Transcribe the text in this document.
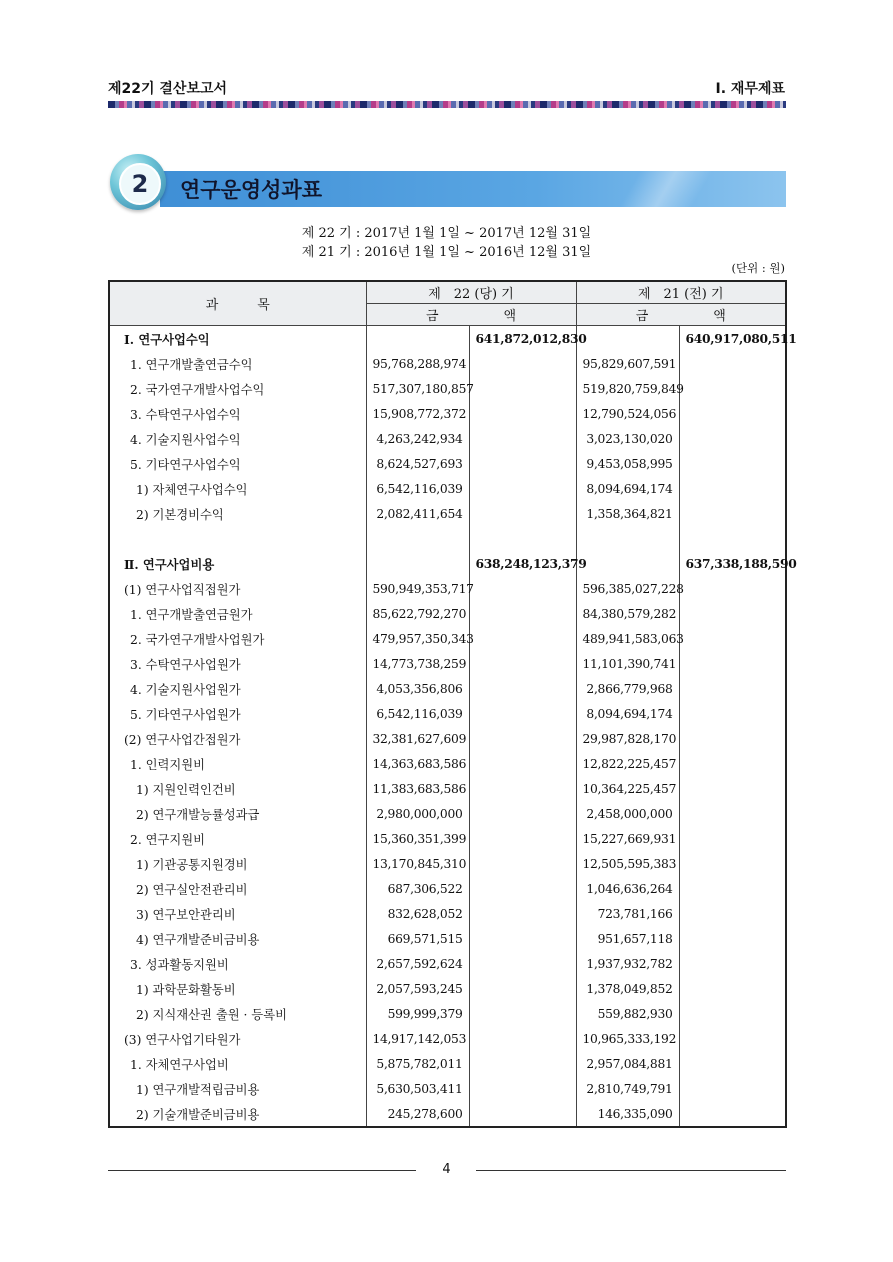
제22기 결산보고서	Ⅰ. 재무제표
2	연구운영성과표
제 22 기 : 2017년 1월 1일 ~ 2017년 12월 31일
제 21 기 : 2016년 1월 1일 ~ 2016년 12월 31일
(단위 : 원)
과　　　목	제　22 (당) 기		제　21 (전) 기	
	금　　　　　액		금　　　　　액	
Ⅰ. 연구사업수익		641,872,012,830		640,917,080,511
1. 연구개발출연금수익	95,768,288,974		95,829,607,591	
2. 국가연구개발사업수익	517,307,180,857		519,820,759,849	
3. 수탁연구사업수익	15,908,772,372		12,790,524,056	
4. 기술지원사업수익	4,263,242,934		3,023,130,020	
5. 기타연구사업수익	8,624,527,693		9,453,058,995	
1) 자체연구사업수익	6,542,116,039		8,094,694,174	
2) 기본경비수익	2,082,411,654		1,358,364,821	

Ⅱ. 연구사업비용		638,248,123,379		637,338,188,590
(1) 연구사업직접원가	590,949,353,717		596,385,027,228	
1. 연구개발출연금원가	85,622,792,270		84,380,579,282	
2. 국가연구개발사업원가	479,957,350,343		489,941,583,063	
3. 수탁연구사업원가	14,773,738,259		11,101,390,741	
4. 기술지원사업원가	4,053,356,806		2,866,779,968	
5. 기타연구사업원가	6,542,116,039		8,094,694,174	
(2) 연구사업간접원가	32,381,627,609		29,987,828,170	
1. 인력지원비	14,363,683,586		12,822,225,457	
1) 지원인력인건비	11,383,683,586		10,364,225,457	
2) 연구개발능률성과급	2,980,000,000		2,458,000,000	
2. 연구지원비	15,360,351,399		15,227,669,931	
1) 기관공통지원경비	13,170,845,310		12,505,595,383	
2) 연구실안전관리비	687,306,522		1,046,636,264	
3) 연구보안관리비	832,628,052		723,781,166	
4) 연구개발준비금비용	669,571,515		951,657,118	
3. 성과활동지원비	2,657,592,624		1,937,932,782	
1) 과학문화활동비	2,057,593,245		1,378,049,852	
2) 지식재산권 출원 · 등록비	599,999,379		559,882,930	
(3) 연구사업기타원가	14,917,142,053		10,965,333,192	
1. 자체연구사업비	5,875,782,011		2,957,084,881	
1) 연구개발적립금비용	5,630,503,411		2,810,749,791	
2) 기술개발준비금비용	245,278,600		146,335,090	
4
